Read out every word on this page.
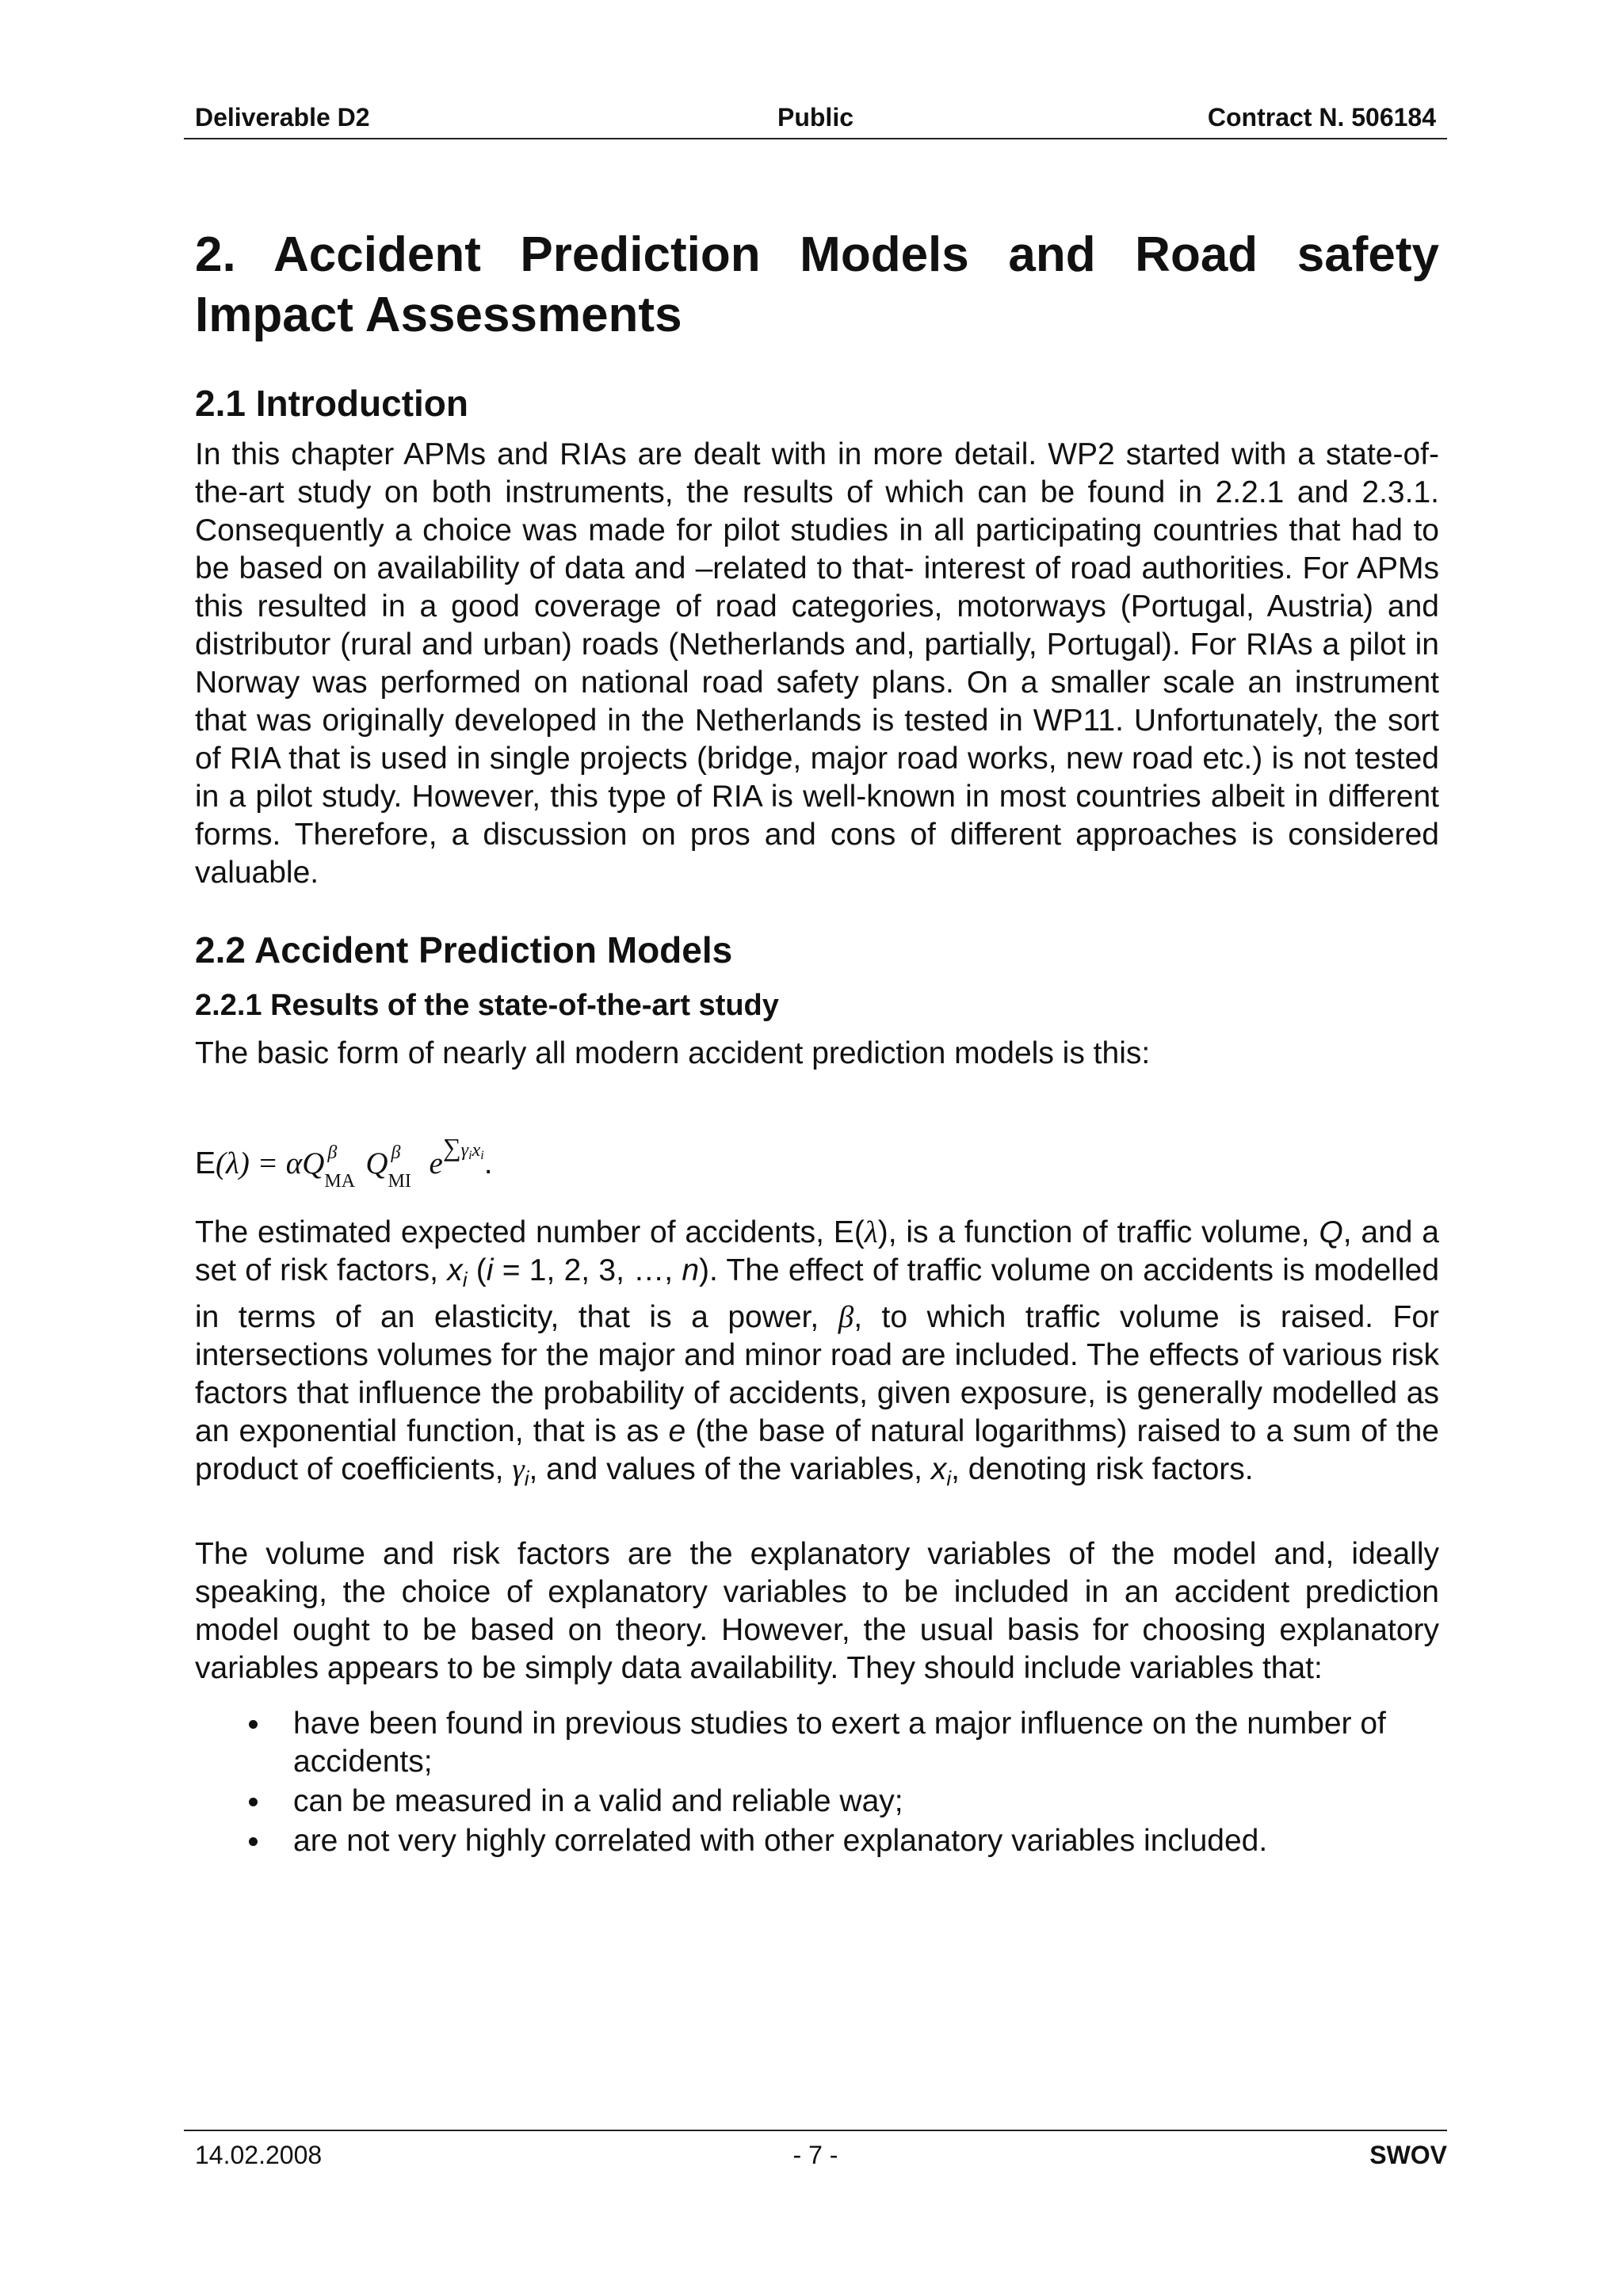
Deliverable D2	Public	Contract N. 506184
2. Accident Prediction Models and Road safety Impact Assessments
2.1 Introduction

In this chapter APMs and RIAs are dealt with in more detail. WP2 started with a state-of-the-art study on both instruments, the results of which can be found in 2.2.1 and 2.3.1. Consequently a choice was made for pilot studies in all participating countries that had to be based on availability of data and –related to that- interest of road authorities. For APMs this resulted in a good coverage of road categories, motorways (Portugal, Austria) and distributor (rural and urban) roads (Netherlands and, partially, Portugal). For RIAs a pilot in Norway was performed on national road safety plans. On a smaller scale an instrument that was originally developed in the Netherlands is tested in WP11. Unfortunately, the sort of RIA that is used in single projects (bridge, major road works, new road etc.) is not tested in a pilot study. However, this type of RIA is well-known in most countries albeit in different forms. Therefore, a discussion on pros and cons of different approaches is considered valuable.

2.2 Accident Prediction Models
2.2.1 Results of the state-of-the-art study

The basic form of nearly all modern accident prediction models is this:

E(λ) = αQ β
MA
Q β
MI
$e^{\sum\gamma ixi}$.

The estimated expected number of accidents, E(λ), is a function of traffic volume, Q, and a set of risk factors, $x_i$ (i = 1, 2, 3, …, n). The effect of traffic volume on accidents is modelled in terms of an elasticity, that is a power, β, to which traffic volume is raised. For intersections volumes for the major and minor road are included. The effects of various risk factors that influence the probability of accidents, given exposure, is generally modelled as an exponential function, that is as e (the base of natural logarithms) raised to a sum of the product of coefficients, $\gamma_i$, and values of the variables, $x_i$, denoting risk factors.

The volume and risk factors are the explanatory variables of the model and, ideally speaking, the choice of explanatory variables to be included in an accident prediction model ought to be based on theory. However, the usual basis for choosing explanatory variables appears to be simply data availability. They should include variables that:

have been found in previous studies to exert a major influence on the number of accidents;
can be measured in a valid and reliable way;
are not very highly correlated with other explanatory variables included.
14.02.2008	- 7 -	SWOV
